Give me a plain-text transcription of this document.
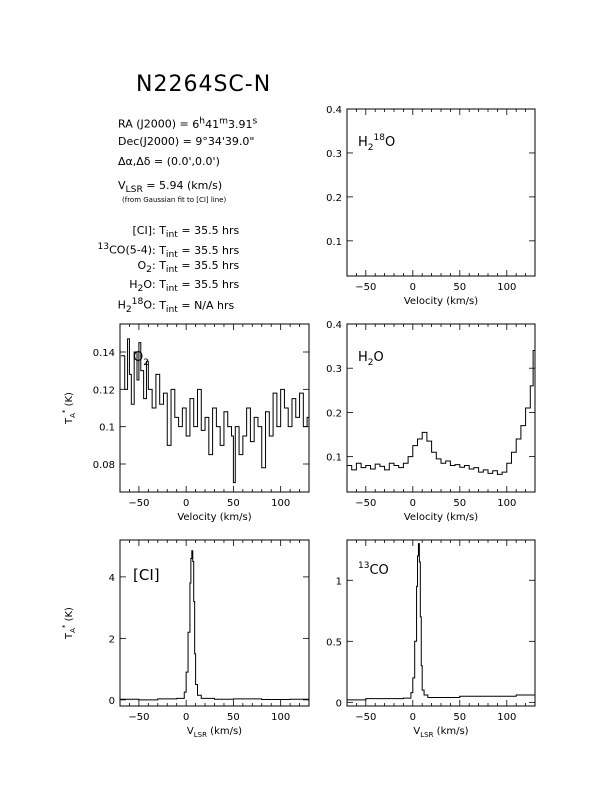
N2264SC-N
RA $(J2000) = 6^h41^m3.91^s$
Dec(J2000) = 9°34'39.0"
Δα,Δδ = (0.0',0.0')
$V_{LSR} = 5.94$ (km/s)
(from Gaussian fit to [CI] line)
[CI]: $T_{int} = 35.5$ hrs
$^{13}$CO(5-4): $T_{int} = 35.5$ hrs
$O_2$: $T_{int} = 35.5$ hrs
$H_2O$: $T_{int} = 35.5$ hrs
$H_2^{18}O$: $T_{int} = N/A$ hrs
−50	0	50	100
0.1
0.2
0.3
0.4
$H_2^{18}O$
Velocity (km/s)
−50	0	50	100
0.08
0.1
0.12
0.14 $O_2$
Velocity (km/s)
$T_A^*$ (K)
−50	0	50	100
0.1
0.2
0.3
0.4
$H_2O$
Velocity (km/s)
−50	0	50	100
0
2
4 [CI]
$V_{LSR}$ (km/s)
$T_A^*$ (K)
−50	0	50	100
0
0.5
1
$^{13}$CO
$V_{LSR}$ (km/s)
